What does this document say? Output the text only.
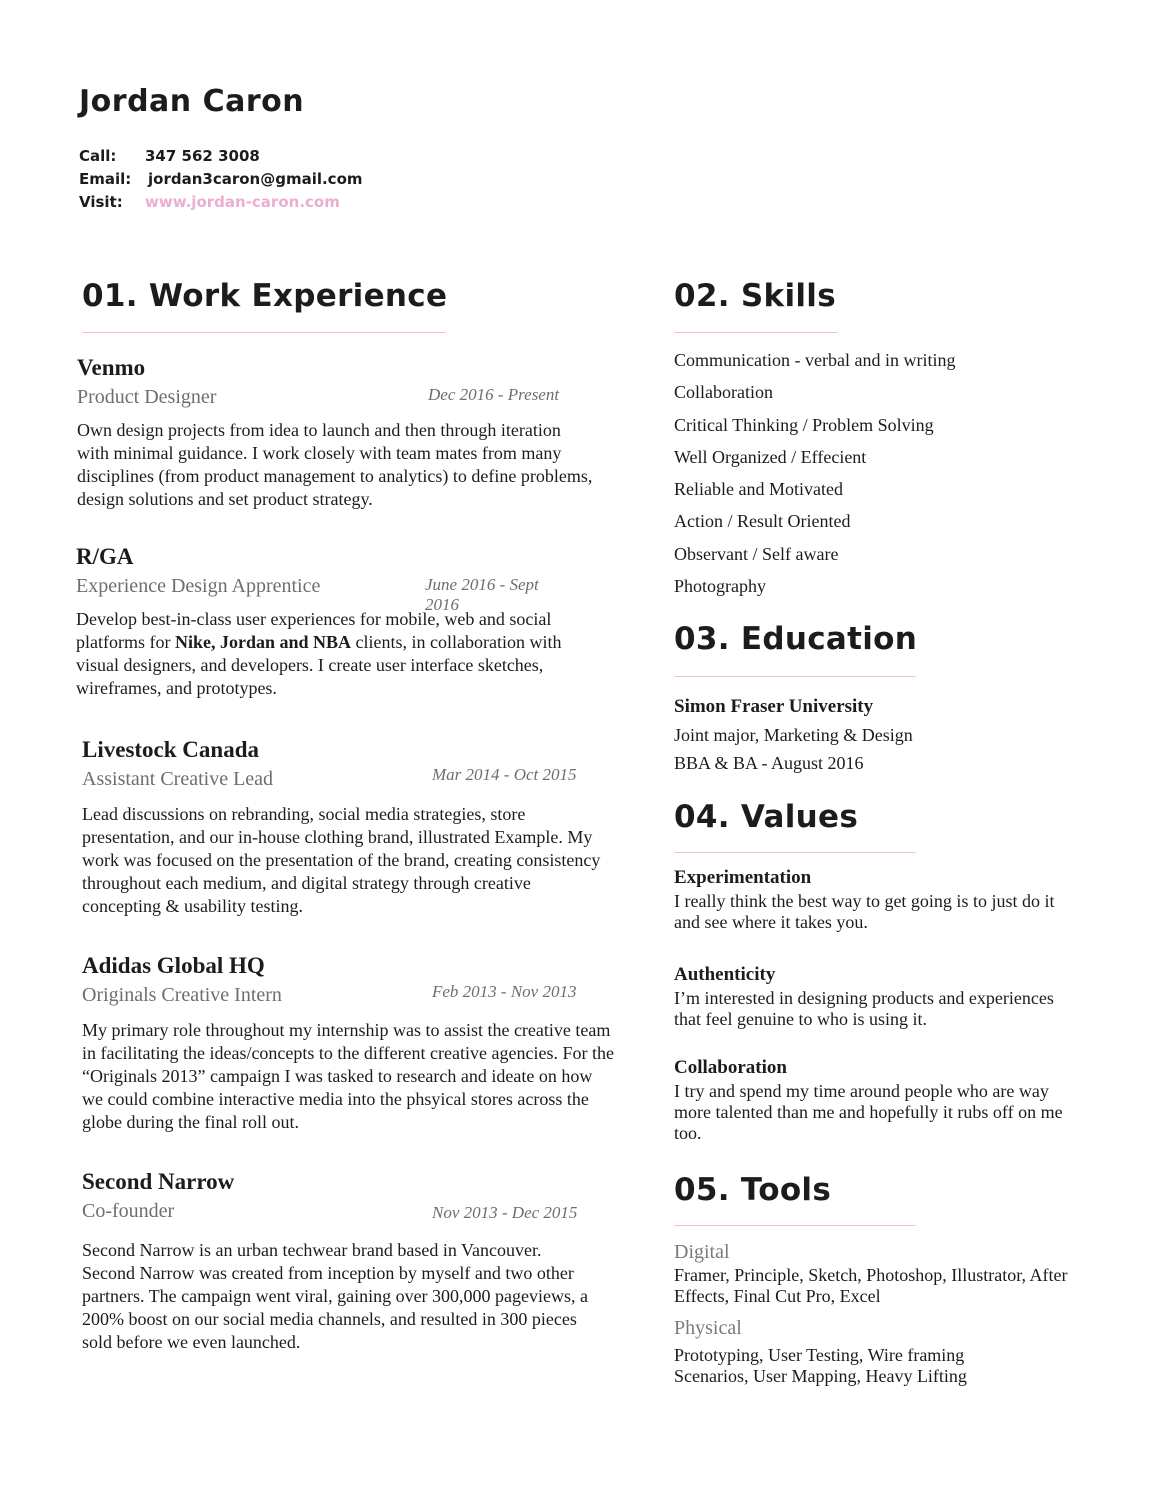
Jordan Caron
Call:	347 562 3008
Email:	jordan3caron@gmail.com
Visit:	www.jordan-caron.com
01. Work Experience
Venmo
Product Designer	Dec 2016 - Present

Own design projects from idea to launch and then through iteration with minimal guidance. I work closely with team mates from many disciplines (from product management to analytics) to define problems, design solutions and set product strategy.

R/GA
Experience Design Apprentice	June 2016 - Sept 2016

Develop best-in-class user experiences for mobile, web and social platforms for Nike, Jordan and NBA clients, in collaboration with visual designers, and developers. I create user interface sketches, wireframes, and prototypes.

Livestock Canada
Assistant Creative Lead	Mar 2014 - Oct 2015

Lead discussions on rebranding, social media strategies, store presentation, and our in-house clothing brand, illustrated Example. My work was focused on the presentation of the brand, creating consistency throughout each medium, and digital strategy through creative concepting & usability testing.

Adidas Global HQ
Originals Creative Intern	Feb 2013 - Nov 2013

My primary role throughout my internship was to assist the creative team in facilitating the ideas/concepts to the different creative agencies. For the “Originals 2013” campaign I was tasked to research and ideate on how we could combine interactive media into the phsyical stores across the globe during the final roll out.

Second Narrow
Co-founder	Nov 2013 - Dec 2015

Second Narrow is an urban techwear brand based in Vancouver. Second Narrow was created from inception by myself and two other partners. The campaign went viral, gaining over 300,000 pageviews, a 200% boost on our social media channels, and resulted in 300 pieces sold before we even launched.

02. Skills
Communication - verbal and in writing
Collaboration
Critical Thinking / Problem Solving
Well Organized / Effecient
Reliable and Motivated
Action / Result Oriented
Observant / Self aware
Photography
03. Education
Simon Fraser University
Joint major, Marketing & Design
BBA & BA - August 2016
04. Values
Experimentation
I really think the best way to get going is to just do it and see where it takes you.
Authenticity
I’m interested in designing products and experiences that feel genuine to who is using it.
Collaboration
I try and spend my time around people who are way more talented than me and hopefully it rubs off on me too.
05. Tools
Digital
Framer, Principle, Sketch, Photoshop, Illustrator, After Effects, Final Cut Pro, Excel
Physical
Prototyping, User Testing, Wire framing Scenarios, User Mapping, Heavy Lifting
